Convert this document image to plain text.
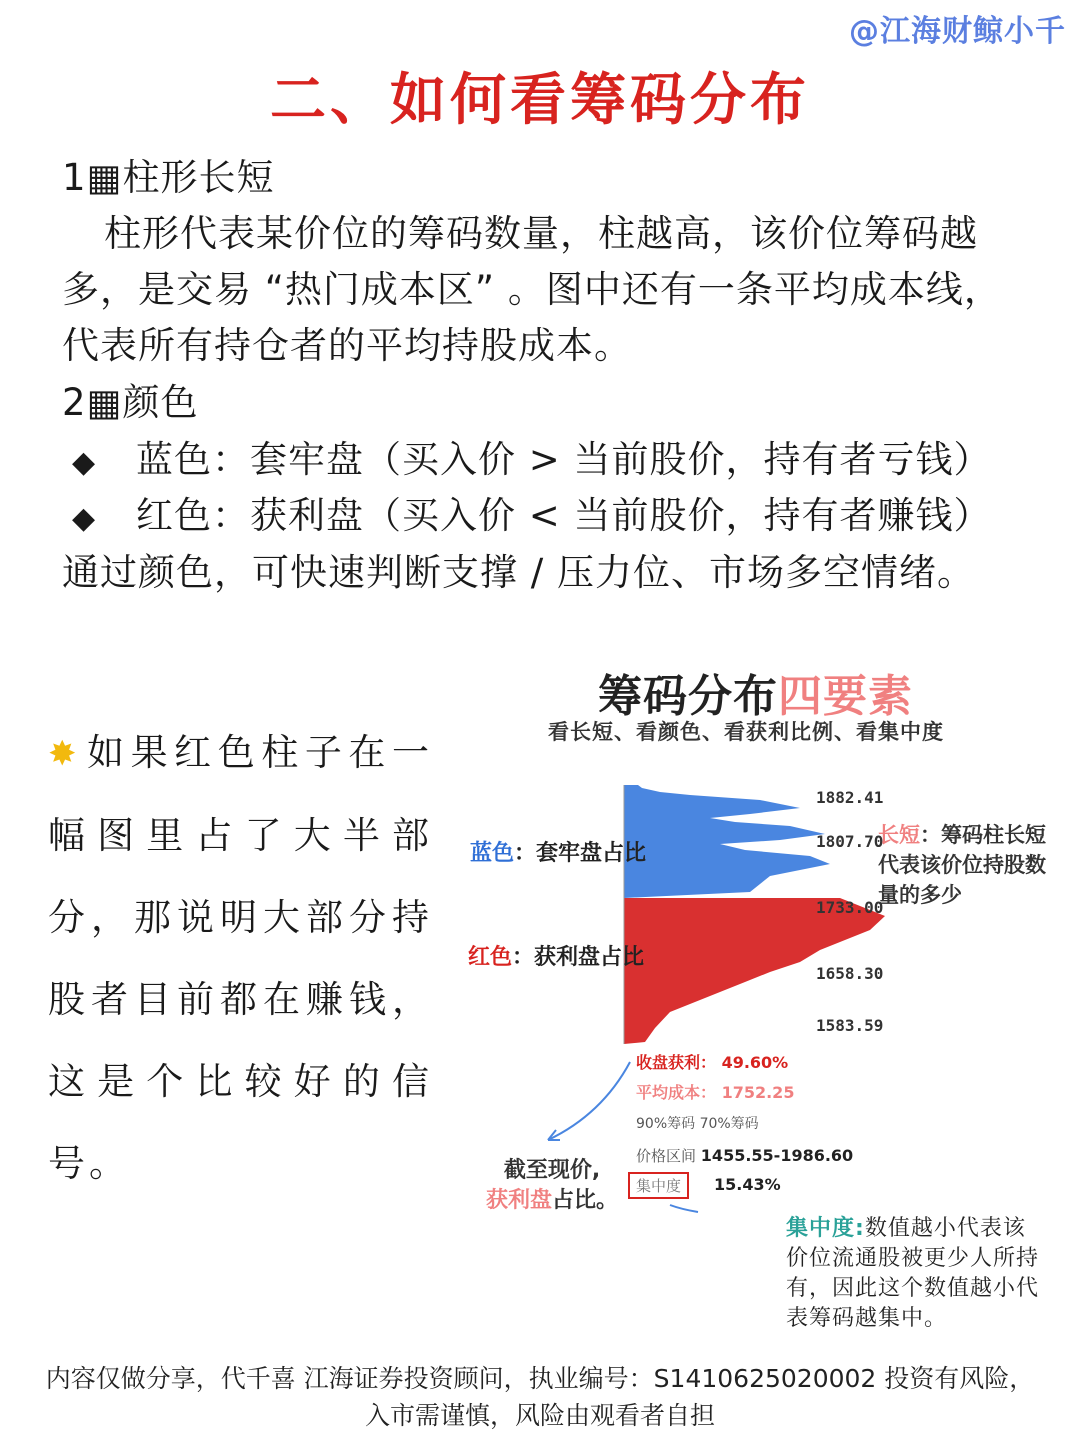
@江海财鲸小千
二、如何看筹码分布
1▦柱形长短
柱形代表某价位的筹码数量，柱越高，该价位筹码越多，是交易 “热门成本区” 。图中还有一条平均成本线，代表所有持仓者的平均持股成本。
2▦颜色
◆ 蓝色：套牢盘（买入价 > 当前股价，持有者亏钱）
◆ 红色：获利盘（买入价 < 当前股价，持有者赚钱）
通过颜色，可快速判断支撑 / 压力位、市场多空情绪。
✸ 如果红色柱子在一幅图里占了大半部分，那说明大部分持股者目前都在赚钱，这是个比较好的信号。
筹码分布四要素
看长短、看颜色、看获利比例、看集中度
1882.41
1807.70
1733.00
1658.30
1583.59
蓝色：套牢盘占比
红色：获利盘占比
长短：筹码柱长短代表该价位持股数量的多少
收盘获利： 49.60%
平均成本： 1752.25
90%筹码 70%筹码
价格区间 1455.55-1986.60
集中度	15.43%
截至现价,
获利盘占比。
集中度:数值越小代表该价位流通股被更少人所持有，因此这个数值越小代表筹码越集中。
内容仅做分享，代千喜 江海证券投资顾问，执业编号：S1410625020002 投资有风险，入市需谨慎，风险由观看者自担
